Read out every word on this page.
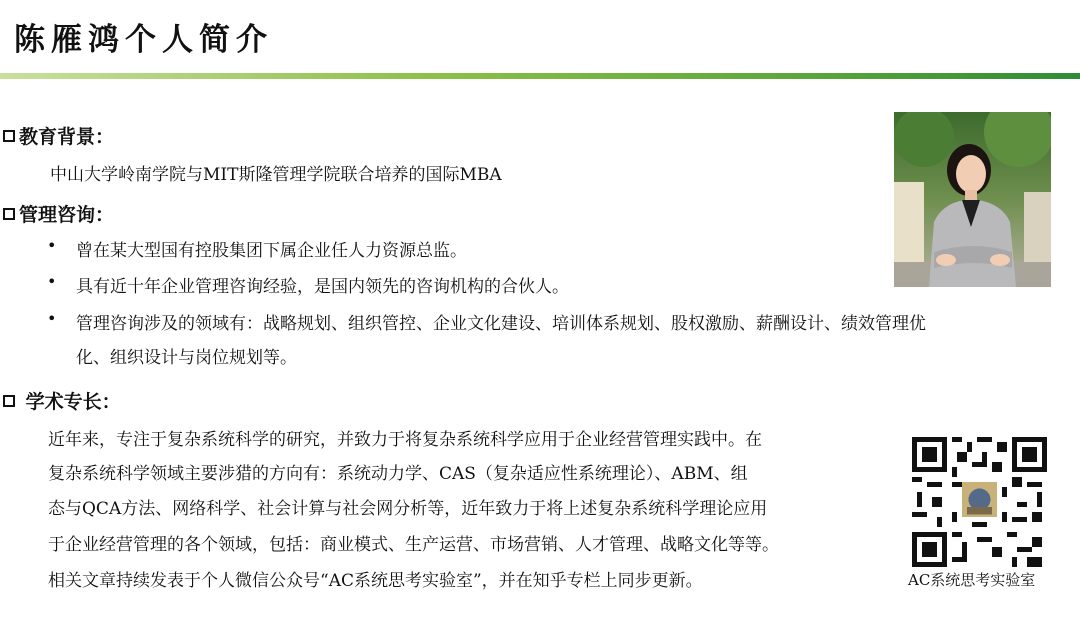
陈雁鸿个人简介
教育背景：
中山大学岭南学院与MIT斯隆管理学院联合培养的国际MBA
管理咨询：
• 曾在某大型国有控股集团下属企业任人力资源总监。
• 具有近十年企业管理咨询经验，是国内领先的咨询机构的合伙人。
• 管理咨询涉及的领域有：战略规划、组织管控、企业文化建设、培训体系规划、股权激励、薪酬设计、绩效管理优
化、组织设计与岗位规划等。
学术专长：
近年来，专注于复杂系统科学的研究，并致力于将复杂系统科学应用于企业经营管理实践中。在
复杂系统科学领域主要涉猎的方向有：系统动力学、CAS（复杂适应性系统理论）、ABM、组
态与QCA方法、网络科学、社会计算与社会网分析等，近年致力于将上述复杂系统科学理论应用
于企业经营管理的各个领域，包括：商业模式、生产运营、市场营销、人才管理、战略文化等等。
相关文章持续发表于个人微信公众号“AC系统思考实验室”，并在知乎专栏上同步更新。	AC系统思考实验室
